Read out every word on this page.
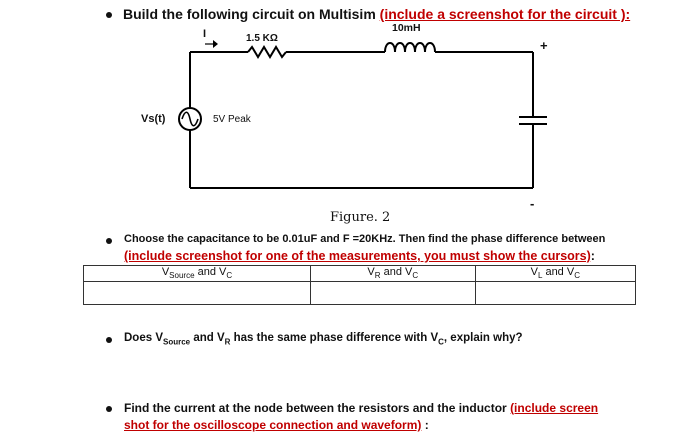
Build the following circuit on Multisim (include a screenshot for the circuit ):
I	1.5 KΩ
10mH
+
-
Vs(t)	5V Peak
Figure. 2
Choose the capacitance to be 0.01uF and F =20KHz. Then find the phase difference between
(include screenshot for one of the measurements, you must show the cursors):
$V_{Source}$ and $V_C$	$V_R$ and $V_C$	$V_L$ and $V_C$

Does $V_{Source}$ and $V_R$ has the same phase difference with $V_C$, explain why?
Find the current at the node between the resistors and the inductor (include screen
shot for the oscilloscope connection and waveform) :
